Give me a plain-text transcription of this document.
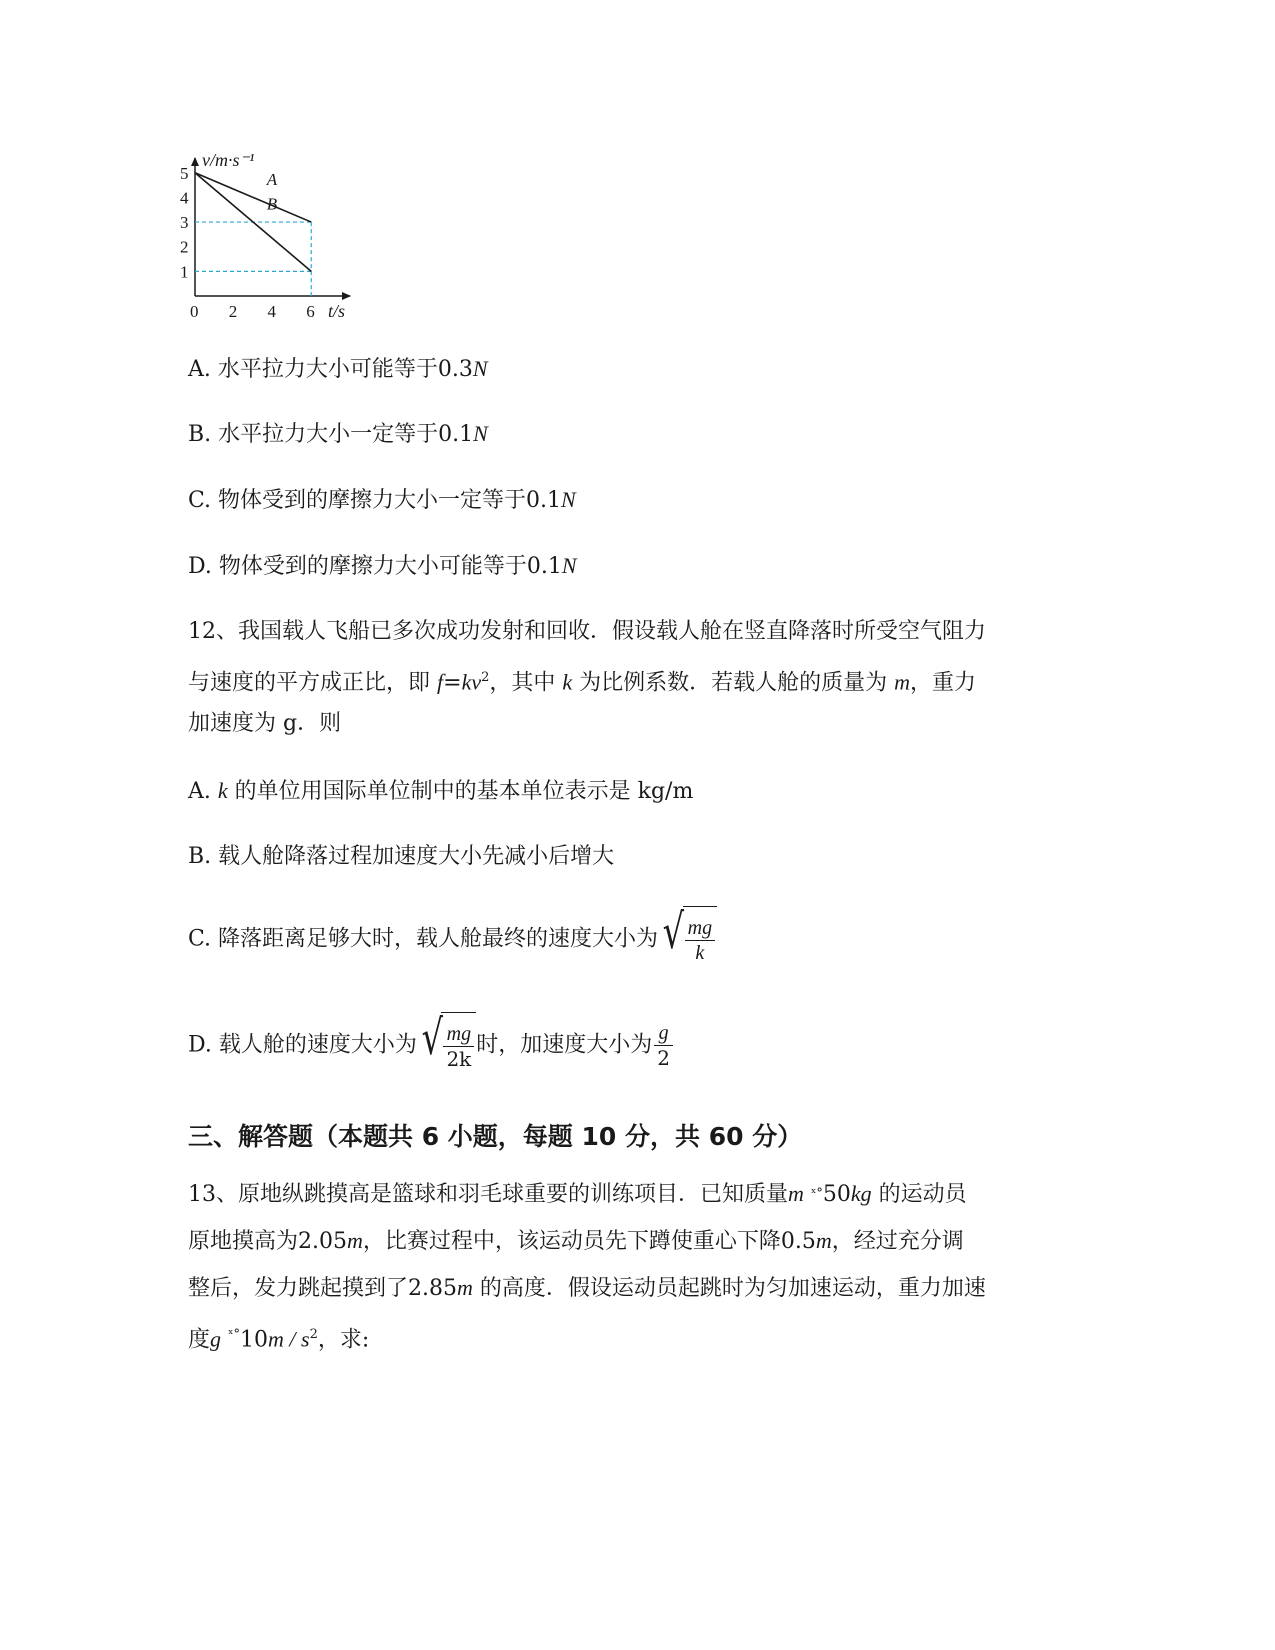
A
B
0 2 4 6
1
2
3
4
5
v/m·s⁻¹
t/s
A. 水平拉力大小可能等于0.3N
B. 水平拉力大小一定等于0.1N
C. 物体受到的摩擦力大小一定等于0.1N
D. 物体受到的摩擦力大小可能等于0.1N
12、我国载人飞船已多次成功发射和回收．假设载人舱在竖直降落时所受空气阻力
与速度的平方成正比，即 $f=kv^2$，其中 k 为比例系数．若载人舱的质量为 m，重力
加速度为 g．则
A. k 的单位用国际单位制中的基本单位表示是 kg/m
B. 载人舱降落过程加速度大小先减小后增大
C. 降落距离足够大时，载人舱最终的速度大小为 √ $\frac{mg}{k}$
D. 载人舱的速度大小为 √ $\frac{mg}{2k}$ 时，加速度大小为 $\frac{g}{2}$
三、解答题（本题共 6 小题，每题 10 分，共 60 分）
13、原地纵跳摸高是篮球和羽毛球重要的训练项目．已知质量m $^{ˣ^\circ}$50kg 的运动员
原地摸高为2.05m，比赛过程中，该运动员先下蹲使重心下降0.5m，经过充分调
整后，发力跳起摸到了2.85m 的高度．假设运动员起跳时为匀加速运动，重力加速
度g $^{ˣ^\circ}10m / s^2$，求:
